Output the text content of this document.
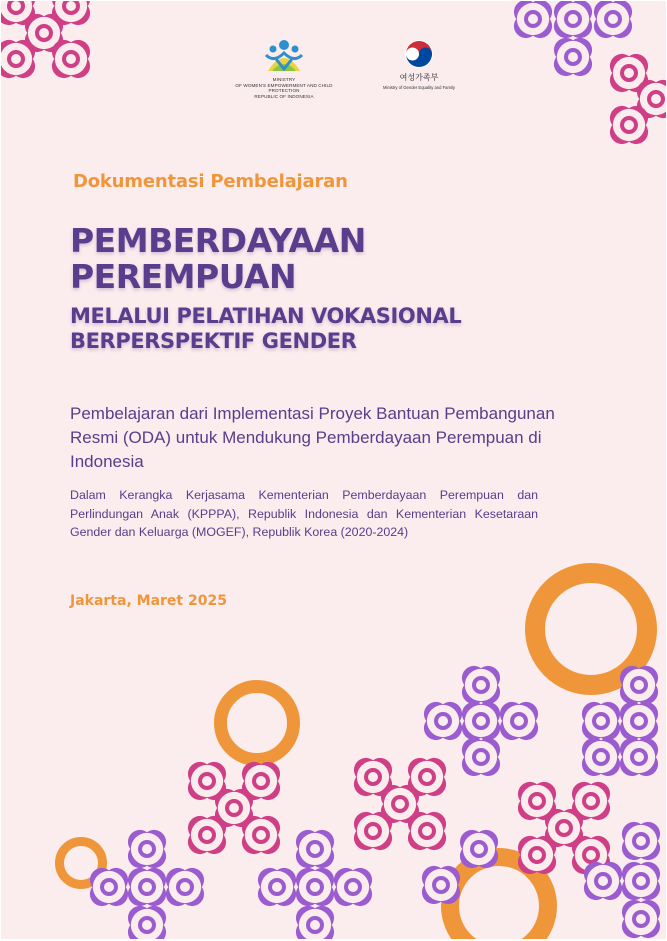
MINISTRY
OF WOMEN'S EMPOWERMENT AND CHILD PROTECTION
REPUBLIC OF INDONESIA
여성가족부
Ministry of Gender Equality and Family
Dokumentasi Pembelajaran
PEMBERDAYAAN
PEREMPUAN
MELALUI PELATIHAN VOKASIONAL
BERPERSPEKTIF GENDER
Pembelajaran dari Implementasi Proyek Bantuan Pembangunan Resmi (ODA) untuk Mendukung Pemberdayaan Perempuan di Indonesia
Dalam Kerangka Kerjasama Kementerian Pemberdayaan Perempuan dan Perlindungan Anak (KPPPA), Republik Indonesia dan Kementerian Kesetaraan Gender dan Keluarga (MOGEF), Republik Korea (2020-2024)
Jakarta, Maret 2025
